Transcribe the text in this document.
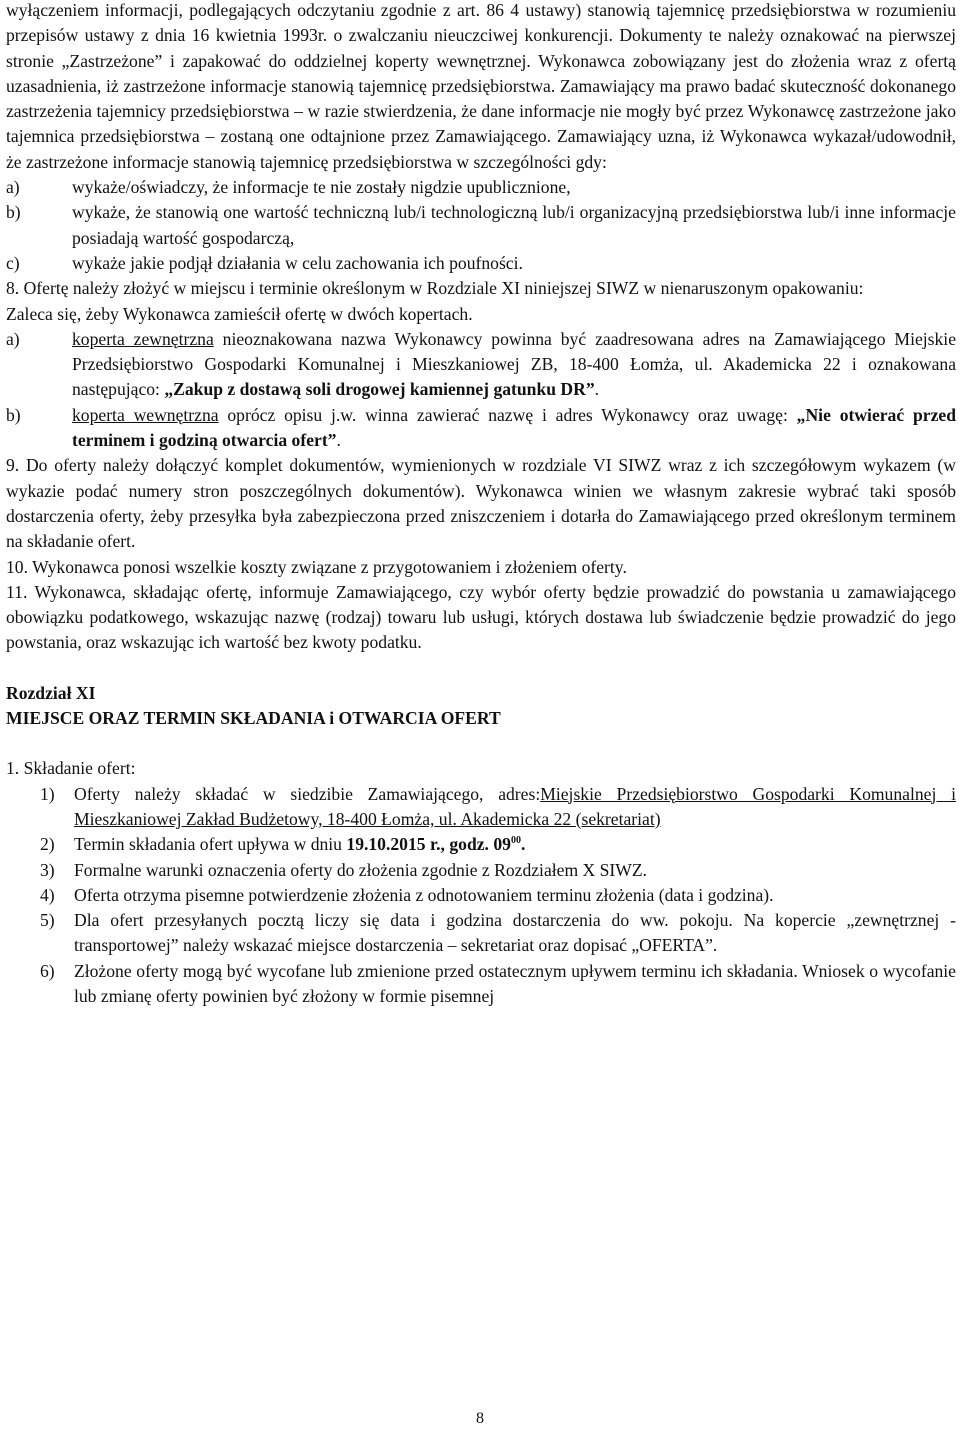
wyłączeniem informacji, podlegających odczytaniu zgodnie z art. 86 4 ustawy) stanowią tajemnicę przedsiębiorstwa w rozumieniu przepisów ustawy z dnia 16 kwietnia 1993r. o zwalczaniu nieuczciwej konkurencji. Dokumenty te należy oznakować na pierwszej stronie „Zastrzeżone” i zapakować do oddzielnej koperty wewnętrznej. Wykonawca zobowiązany jest do złożenia wraz z ofertą uzasadnienia, iż zastrzeżone informacje stanowią tajemnicę przedsiębiorstwa. Zamawiający ma prawo badać skuteczność dokonanego zastrzeżenia tajemnicy przedsiębiorstwa – w razie stwierdzenia, że dane informacje nie mogły być przez Wykonawcę zastrzeżone jako tajemnica przedsiębiorstwa – zostaną one odtajnione przez Zamawiającego. Zamawiający uzna, iż Wykonawca wykazał/udowodnił, że zastrzeżone informacje stanowią tajemnicę przedsiębiorstwa w szczególności gdy:

a)	wykaże/oświadczy, że informacje te nie zostały nigdzie upublicznione,
b)	wykaże, że stanowią one wartość techniczną lub/i technologiczną lub/i organizacyjną przedsiębiorstwa lub/i inne informacje posiadają wartość gospodarczą,
c)	wykaże jakie podjął działania w celu zachowania ich poufności.

8. Ofertę należy złożyć w miejscu i terminie określonym w Rozdziale XI niniejszej SIWZ w nienaruszonym opakowaniu:

Zaleca się, żeby Wykonawca zamieścił ofertę w dwóch kopertach.

a)	koperta zewnętrzna nieoznakowana nazwa Wykonawcy powinna być zaadresowana adres na Zamawiającego Miejskie Przedsiębiorstwo Gospodarki Komunalnej i Mieszkaniowej ZB, 18-400 Łomża, ul. Akademicka 22 i oznakowana następująco: „Zakup z dostawą soli drogowej kamiennej gatunku DR”.
b)	koperta wewnętrzna oprócz opisu j.w. winna zawierać nazwę i adres Wykonawcy oraz uwagę: „Nie otwierać przed terminem i godziną otwarcia ofert”.

9. Do oferty należy dołączyć komplet dokumentów, wymienionych w rozdziale VI SIWZ wraz z ich szczegółowym wykazem (w wykazie podać numery stron poszczególnych dokumentów). Wykonawca winien we własnym zakresie wybrać taki sposób dostarczenia oferty, żeby przesyłka była zabezpieczona przed zniszczeniem i dotarła do Zamawiającego przed określonym terminem na składanie ofert.

10. Wykonawca ponosi wszelkie koszty związane z przygotowaniem i złożeniem oferty.

11. Wykonawca, składając ofertę, informuje Zamawiającego, czy wybór oferty będzie prowadzić do powstania u zamawiającego obowiązku podatkowego, wskazując nazwę (rodzaj) towaru lub usługi, których dostawa lub świadczenie będzie prowadzić do jego powstania, oraz wskazując ich wartość bez kwoty podatku.

Rozdział XI
MIEJSCE ORAZ TERMIN SKŁADANIA i OTWARCIA OFERT

1. Składanie ofert:

1)	Oferty należy składać w siedzibie Zamawiającego, adres:Miejskie Przedsiębiorstwo Gospodarki Komunalnej i Mieszkaniowej Zakład Budżetowy, 18-400 Łomża, ul. Akademicka 22 (sekretariat)
2)	Termin składania ofert upływa w dniu 19.10.2015 r., godz. $09^{00}$.
3)	Formalne warunki oznaczenia oferty do złożenia zgodnie z Rozdziałem X SIWZ.
4)	Oferta otrzyma pisemne potwierdzenie złożenia z odnotowaniem terminu złożenia (data i godzina).
5)	Dla ofert przesyłanych pocztą liczy się data i godzina dostarczenia do ww. pokoju. Na kopercie „zewnętrznej - transportowej” należy wskazać miejsce dostarczenia – sekretariat oraz dopisać „OFERTA”.
6)	Złożone oferty mogą być wycofane lub zmienione przed ostatecznym upływem terminu ich składania. Wniosek o wycofanie lub zmianę oferty powinien być złożony w formie pisemnej
8
